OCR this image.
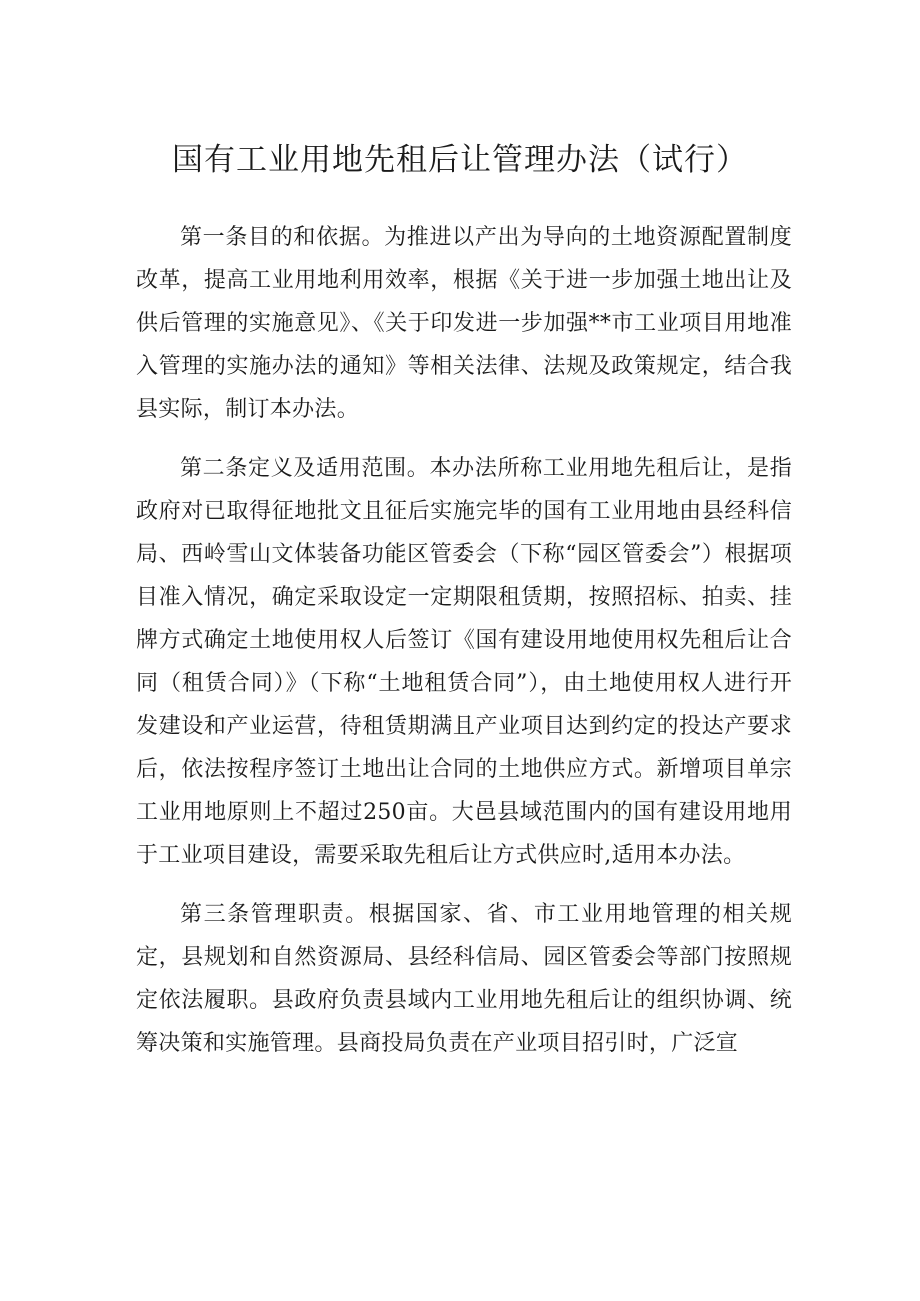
国有工业用地先租后让管理办法（试行）

第一条目的和依据。为推进以产出为导向的土地资源配置制度改革，提高工业用地利用效率，根据《关于进一步加强土地出让及供后管理的实施意见》、《关于印发进一步加强**市工业项目用地准入管理的实施办法的通知》等相关法律、法规及政策规定，结合我县实际，制订本办法。

第二条定义及适用范围。本办法所称工业用地先租后让，是指政府对已取得征地批文且征后实施完毕的国有工业用地由县经科信局、西岭雪山文体装备功能区管委会（下称“园区管委会”）根据项目准入情况，确定采取设定一定期限租赁期，按照招标、拍卖、挂牌方式确定土地使用权人后签订《国有建设用地使用权先租后让合同（租赁合同）》（下称“土地租赁合同”），由土地使用权人进行开发建设和产业运营，待租赁期满且产业项目达到约定的投达产要求后，依法按程序签订土地出让合同的土地供应方式。新增项目单宗工业用地原则上不超过250亩。大邑县域范围内的国有建设用地用于工业项目建设，需要采取先租后让方式供应时,适用本办法。

第三条管理职责。根据国家、省、市工业用地管理的相关规定，县规划和自然资源局、县经科信局、园区管委会等部门按照规定依法履职。县政府负责县域内工业用地先租后让的组织协调、统筹决策和实施管理。县商投局负责在产业项目招引时，广泛宣
